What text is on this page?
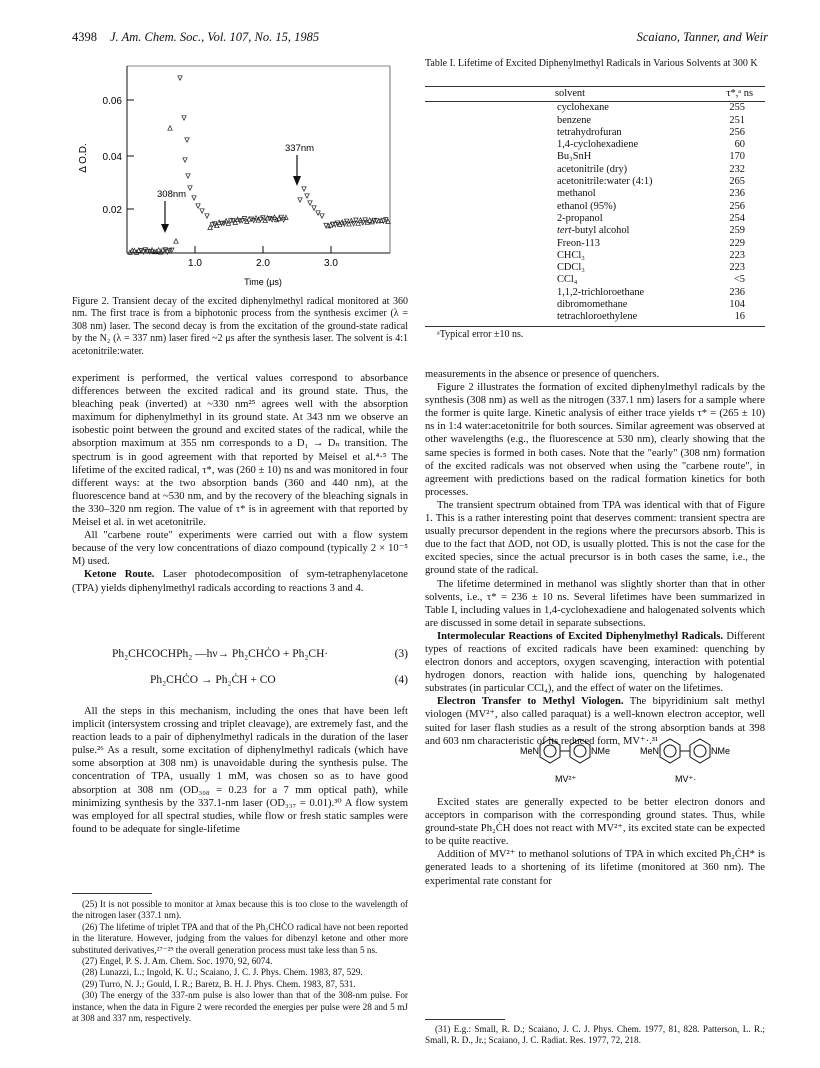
4398 J. Am. Chem. Soc., Vol. 107, No. 15, 1985	Scaiano, Tanner, and Weir
0.06
0.04
0.02
Δ O.D.
1.0	2.0	3.0
Time (μs)
308nm
337nm
Figure 2. Transient decay of the excited diphenylmethyl radical monitored at 360 nm. The first trace is from a biphotonic process from the synthesis excimer (λ = 308 nm) laser. The second decay is from the excitation of the ground-state radical by the N₂ (λ = 337 nm) laser fired ~2 μs after the synthesis laser. The solvent is 4:1 acetonitrile:water.

experiment is performed, the vertical values correspond to absorbance differences between the excited radical and its ground state. Thus, the bleaching peak (inverted) at ~330 nm²⁵ agrees well with the absorption maximum for diphenylmethyl in its ground state. At 343 nm we observe an isobestic point between the ground and excited states of the radical, while the absorption maximum at 355 nm corresponds to a D₁ → Dₙ transition. The spectrum is in good agreement with that reported by Meisel et al.⁴·⁵ The lifetime of the excited radical, τ*, was (260 ± 10) ns and was monitored in four different ways: at the two absorption bands (360 and 440 nm), at the fluorescence band at ~530 nm, and by the recovery of the bleaching signals in the 330–320 nm region. The value of τ* is in agreement with that reported by Meisel et al. in wet acetonitrile.

All "carbene route" experiments were carried out with a flow system because of the very low concentrations of diazo compound (typically 2 × 10⁻⁵ M) used.

Ketone Route. Laser photodecomposition of sym-tetraphenylacetone (TPA) yields diphenylmethyl radicals according to reactions 3 and 4.

Ph₂CHCOCHPh₂ —hν→ Ph₂CHĊO + Ph₂CH·	(3)
Ph₂CHĊO → Ph₂ĊH + CO	(4)

All the steps in this mechanism, including the ones that have been left implicit (intersystem crossing and triplet cleavage), are extremely fast, and the reaction leads to a pair of diphenylmethyl radicals in the duration of the laser pulse.²⁶ As a result, some excitation of diphenylmethyl radicals (which have some absorption at 308 nm) is unavoidable during the synthesis pulse. The concentration of TPA, usually 1 mM, was chosen so as to have good absorption at 308 nm (OD₃₀₈ = 0.23 for a 7 mm optical path), while minimizing synthesis by the 337.1-nm laser (OD₃₃₇ = 0.01).³⁰ A flow system was employed for all spectral studies, while flow or fresh static samples were found to be adequate for single-lifetime

(25) It is not possible to monitor at λmax because this is too close to the wavelength of the nitrogen laser (337.1 nm).

(26) The lifetime of triplet TPA and that of the Ph₂CHĊO radical have not been reported in the literature. However, judging from the values for dibenzyl ketone and other more substituted derivatives,²⁷⁻²⁹ the overall generation process must take less than 5 ns.

(27) Engel, P. S. J. Am. Chem. Soc. 1970, 92, 6074.

(28) Lunazzi, L.; Ingold, K. U.; Scaiano, J. C. J. Phys. Chem. 1983, 87, 529.

(29) Turro, N. J.; Gould, I. R.; Baretz, B. H. J. Phys. Chem. 1983, 87, 531.

(30) The energy of the 337-nm pulse is also lower than that of the 308-nm pulse. For instance, when the data in Figure 2 were recorded the energies per pulse were 28 and 5 mJ at 308 and 337 nm, respectively.

Table I. Lifetime of Excited Diphenylmethyl Radicals in Various Solvents at 300 K
solvent	τ*,ᵃ ns
cyclohexane	255
benzene	251
tetrahydrofuran	256
1,4-cyclohexadiene	60
Bu₃SnH	170
acetonitrile (dry)	232
acetonitrile:water (4:1)	265
methanol	236
ethanol (95%)	256
2-propanol	254
tert-butyl alcohol	259
Freon-113	229
CHCl₃	223
CDCl₃	223
CCl₄	<5
1,1,2-trichloroethane	236
dibromomethane	104
tetrachloroethylene	16
ᵃTypical error ±10 ns.

measurements in the absence or presence of quenchers.

Figure 2 illustrates the formation of excited diphenylmethyl radicals by the synthesis (308 nm) as well as the nitrogen (337.1 nm) lasers for a sample where the former is quite large. Kinetic analysis of either trace yields τ* = (265 ± 10) ns in 1:4 water:acetonitrile for both sources. Similar agreement was observed at other wavelengths (e.g., the fluorescence at 530 nm), clearly showing that the same species is formed in both cases. Note that the "early" (308 nm) formation of the excited radicals was not observed when using the "carbene route", in agreement with predictions based on the radical formation kinetics for both processes.

The transient spectrum obtained from TPA was identical with that of Figure 1. This is a rather interesting point that deserves comment: transient spectra are usually precursor dependent in the regions where the precursors absorb. This is due to the fact that ΔOD, not OD, is usually plotted. This is not the case for the excited species, since the actual precursor is in both cases the same, i.e., the ground state of the radical.

The lifetime determined in methanol was slightly shorter than that in other solvents, i.e., τ* = 236 ± 10 ns. Several lifetimes have been summarized in Table I, including values in 1,4-cyclohexadiene and halogenated solvents which are discussed in some detail in separate subsections.

Intermolecular Reactions of Excited Diphenylmethyl Radicals. Different types of reactions of excited radicals have been examined: quenching by electron donors and acceptors, oxygen scavenging, interaction with potential hydrogen donors, reaction with halide ions, quenching by halogenated substrates (in particular CCl₄), and the effect of water on the lifetimes.

Electron Transfer to Methyl Viologen. The bipyridinium salt methyl viologen (MV²⁺, also called paraquat) is a well-known electron acceptor, well suited for laser flash studies as a result of the strong absorption bands at 398 and 603 nm characteristic of its reduced form, MV⁺·.³¹

MeN	NMe	MeN	NMe
MV²⁺	MV⁺·

Excited states are generally expected to be better electron donors and acceptors in comparison with the corresponding ground states. Thus, while ground-state Ph₂ĊH does not react with MV²⁺, its excited state can be expected to be quite reactive.

Addition of MV²⁺ to methanol solutions of TPA in which excited Ph₂ĊH* is generated leads to a shortening of its lifetime (monitored at 360 nm). The experimental rate constant for

(31) E.g.: Small, R. D.; Scaiano, J. C. J. Phys. Chem. 1977, 81, 828. Patterson, L. R.; Small, R. D., Jr.; Scaiano, J. C. Radiat. Res. 1977, 72, 218.
